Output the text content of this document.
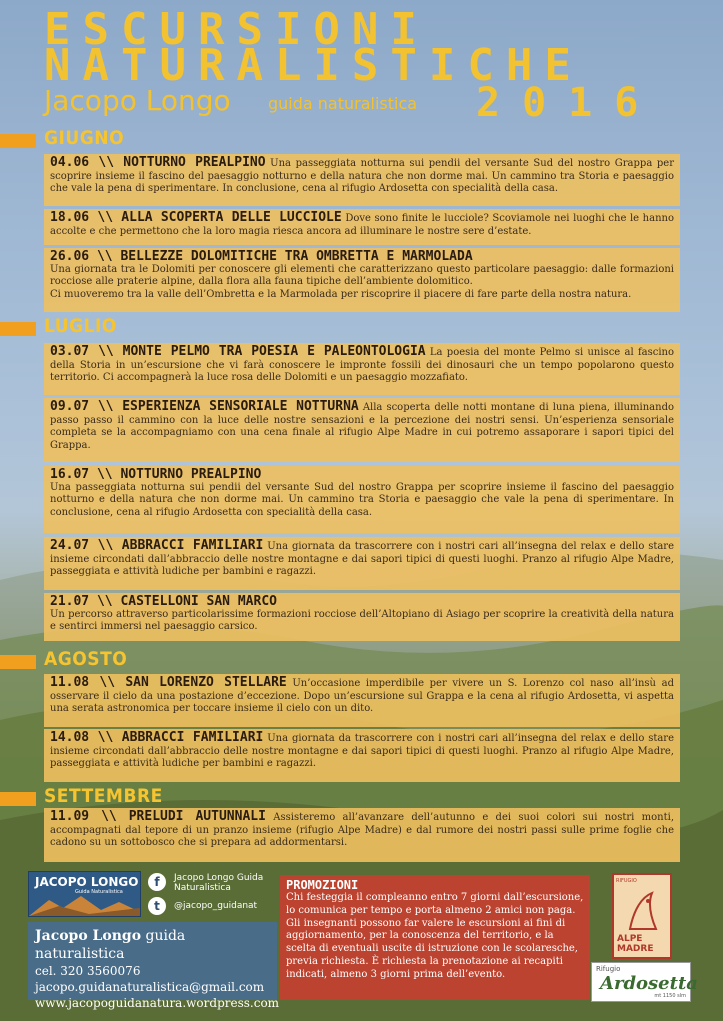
ESCURSIONI
NATURALISTICHE
Jacopo Longo guida naturalistica 2016
GIUGNO
04.06 \\ NOTTURNO PREALPINO Una passeggiata notturna sui pendii del versante Sud del nostro Grappa per scoprire insieme il fascino del paesaggio notturno e della natura che non dorme mai. Un cammino tra Storia e paesaggio che vale la pena di sperimentare. In conclusione, cena al rifugio Ardosetta con specialità della casa.
18.06 \\ ALLA SCOPERTA DELLE LUCCIOLE Dove sono finite le lucciole? Scoviamole nei luoghi che le hanno accolte e che permettono che la loro magia riesca ancora ad illuminare le nostre sere d’estate.
26.06 \\ BELLEZZE DOLOMITICHE TRA OMBRETTA E MARMOLADA
Una giornata tra le Dolomiti per conoscere gli elementi che caratterizzano questo particolare paesaggio: dalle formazioni rocciose alle praterie alpine, dalla flora alla fauna tipiche dell’ambiente dolomitico.
Ci muoveremo tra la valle dell’Ombretta e la Marmolada per riscoprire il piacere di fare parte della nostra natura.
LUGLIO
03.07 \\ MONTE PELMO TRA POESIA E PALEONTOLOGIA La poesia del monte Pelmo si unisce al fascino della Storia in un’escursione che vi farà conoscere le impronte fossili dei dinosauri che un tempo popolarono questo territorio. Ci accompagnerà la luce rosa delle Dolomiti e un paesaggio mozzafiato.
09.07 \\ ESPERIENZA SENSORIALE NOTTURNA Alla scoperta delle notti montane di luna piena, illuminando passo passo il cammino con la luce delle nostre sensazioni e la percezione dei nostri sensi. Un’esperienza sensoriale completa se la accompagniamo con una cena finale al rifugio Alpe Madre in cui potremo assaporare i sapori tipici del Grappa.
16.07 \\ NOTTURNO PREALPINO
Una passeggiata notturna sui pendii del versante Sud del nostro Grappa per scoprire insieme il fascino del paesaggio notturno e della natura che non dorme mai. Un cammino tra Storia e paesaggio che vale la pena di sperimentare. In conclusione, cena al rifugio Ardosetta con specialità della casa.
24.07 \\ ABBRACCI FAMILIARI Una giornata da trascorrere con i nostri cari all’insegna del relax e dello stare insieme circondati dall’abbraccio delle nostre montagne e dai sapori tipici di questi luoghi. Pranzo al rifugio Alpe Madre, passeggiata e attività ludiche per bambini e ragazzi.
21.07 \\ CASTELLONI SAN MARCO
Un percorso attraverso particolarissime formazioni rocciose dell’Altopiano di Asiago per scoprire la creatività della natura e sentirci immersi nel paesaggio carsico.
AGOSTO
11.08 \\ SAN LORENZO STELLARE Un’occasione imperdibile per vivere un S. Lorenzo col naso all’insù ad osservare il cielo da una postazione d’eccezione. Dopo un’escursione sul Grappa e la cena al rifugio Ardosetta, vi aspetta una serata astronomica per toccare insieme il cielo con un dito.
14.08 \\ ABBRACCI FAMILIARI Una giornata da trascorrere con i nostri cari all’insegna del relax e dello stare insieme circondati dall’abbraccio delle nostre montagne e dai sapori tipici di questi luoghi. Pranzo al rifugio Alpe Madre, passeggiata e attività ludiche per bambini e ragazzi.
SETTEMBRE
11.09 \\ PRELUDI AUTUNNALI Assisteremo all’avanzare dell’autunno e dei suoi colori sui nostri monti, accompagnati dal tepore di un pranzo insieme (rifugio Alpe Madre) e dal rumore dei nostri passi sulle prime foglie che cadono su un sottobosco che si prepara ad addormentarsi.
JACOPO LONGO
Guida Naturalistica
f	Jacopo Longo Guida Naturalistica
t	@jacopo_guidanat
Jacopo Longo guida naturalistica
cel. 320 3560076
jacopo.guidanaturalistica@gmail.com
www.jacopoguidanatura.wordpress.com
PROMOZIONI
Chi festeggia il compleanno entro 7 giorni dall’escursione, lo comunica per tempo e porta almeno 2 amici non paga. Gli insegnanti possono far valere le escursioni ai fini di aggiornamento, per la conoscenza del territorio, e la scelta di eventuali uscite di istruzione con le scolaresche, previa richiesta. È richiesta la prenotazione ai recapiti indicati, almeno 3 giorni prima dell’evento.
RIFUGIO
ALPE MADRE
Rifugio
Ardosetta
mt 1150 slm
